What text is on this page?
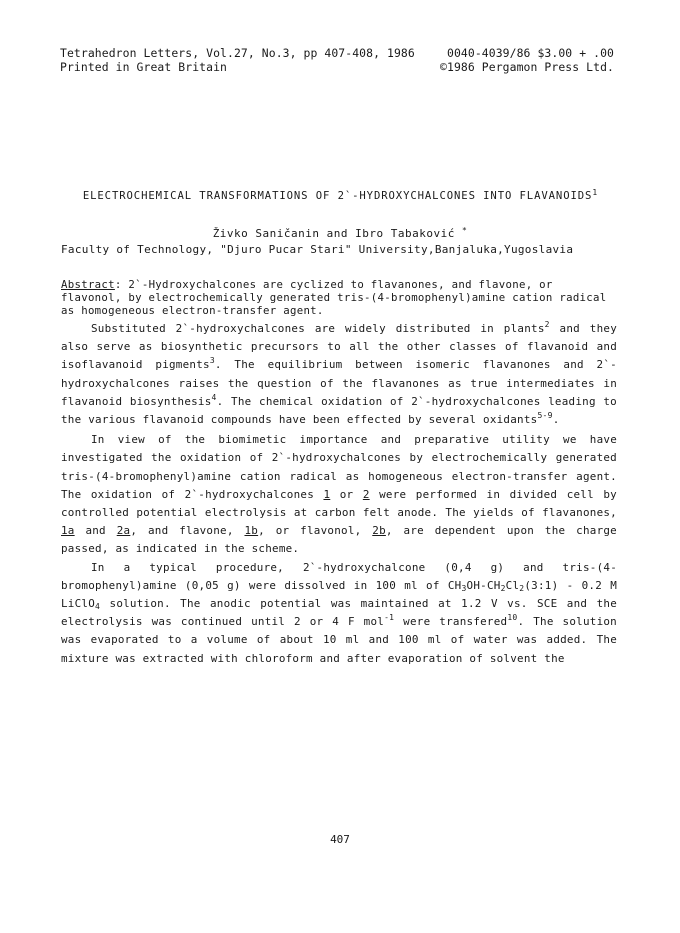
Tetrahedron Letters, Vol.27, No.3, pp 407-408, 1986	0040-4039/86 $3.00 + .00
Printed in Great Britain	©1986 Pergamon Press Ltd.
ELECTROCHEMICAL TRANSFORMATIONS OF 2`-HYDROXYCHALCONES INTO FLAVANOIDS$^1$
Živko Saničanin and Ibro Tabaković *
Faculty of Technology, "Djuro Pucar Stari" University,Banjaluka,Yugoslavia
Abstract: 2`-Hydroxychalcones are cyclized to flavanones, and flavone, or flavonol, by electrochemically generated tris-(4-bromophenyl)amine cation radical as homogeneous electron-transfer agent.

Substituted 2`-hydroxychalcones are widely distributed in plants$^2$ and they also serve as biosynthetic precursors to all the other classes of flavanoid and isoflavanoid pigments$^3$. The equilibrium between isomeric flavanones and 2`-hydroxychalcones raises the question of the flavanones as true intermediates in flavanoid biosynthesis$^4$. The chemical oxidation of 2`-hydroxychalcones leading to the various flavanoid compounds have been effected by several oxidants$^{5-9}$.

In view of the biomimetic importance and preparative utility we have investigated the oxidation of 2`-hydroxychalcones by electrochemically generated tris-(4-bromophenyl)amine cation radical as homogeneous electron-transfer agent. The oxidation of 2`-hydroxychalcones 1 or 2 were performed in divided cell by controlled potential electrolysis at carbon felt anode. The yields of flavanones, 1a and 2a, and flavone, 1b, or flavonol, 2b, are dependent upon the charge passed, as indicated in the scheme.

In a typical procedure, 2`-hydroxychalcone (0,4 g) and tris-(4-bromophenyl)amine (0,05 g) were dissolved in 100 ml of $CH_3OH-CH_2Cl_2(3:1) - 0.2$ M LiClO$_4$ solution. The anodic potential was maintained at 1.2 V vs. SCE and the electrolysis was continued until 2 or 4 F mol$^{-1}$ were transfered$^{10}$. The solution was evaporated to a volume of about 10 ml and 100 ml of water was added. The mixture was extracted with chloroform and after evaporation of solvent the

407
